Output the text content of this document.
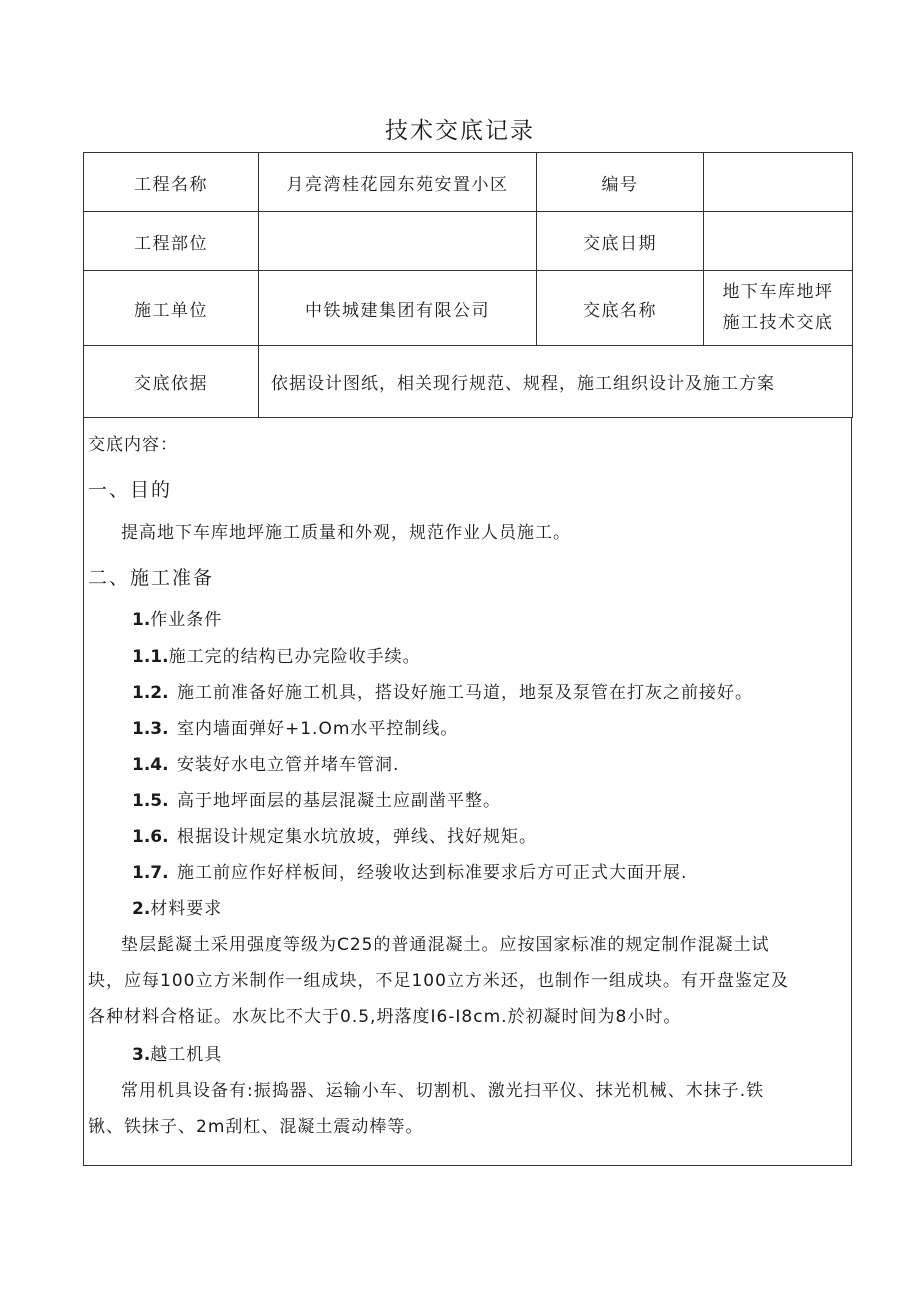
技术交底记录
工程名称	月亮湾桂花园东苑安置小区	编号	
工程部位		交底日期	
施工单位	中铁城建集团有限公司	交底名称	地下车库地坪
施工技术交底

交底依据	依据设计图纸，相关现行规范、规程，施工组织设计及施工方案		
交底内容：
一、目的
提高地下车库地坪施工质量和外观，规范作业人员施工。
二、施工准备
1.作业条件
1.1.施工完的结构已办完险收手续。
1.2. 施工前准备好施工机具，搭设好施工马道，地泵及泵管在打灰之前接好。
1.3. 室内墙面弹好+1.Om水平控制线。
1.4. 安装好水电立管并堵车管洞.
1.5. 高于地坪面层的基层混凝土应副凿平整。
1.6. 根据设计规定集水坑放坡，弹线、找好规矩。
1.7. 施工前应作好样板间，经骏收达到标准要求后方可正式大面开展.
2.材料要求
垫层髭凝土采用强度等级为C25的普通混凝土。应按国家标准的规定制作混凝土试
块，应每100立方米制作一组成块，不足100立方米还，也制作一组成块。有开盘鉴定及
各种材料合格证。水灰比不大于0.5,坍落度I6-I8cm.於初凝时间为8小时。
3.越工机具
常用机具设备有:振捣器、运输小车、切割机、激光扫平仪、抹光机械、木抹子.铁
锹、铁抹子、2m刮杠、混凝土震动棒等。
